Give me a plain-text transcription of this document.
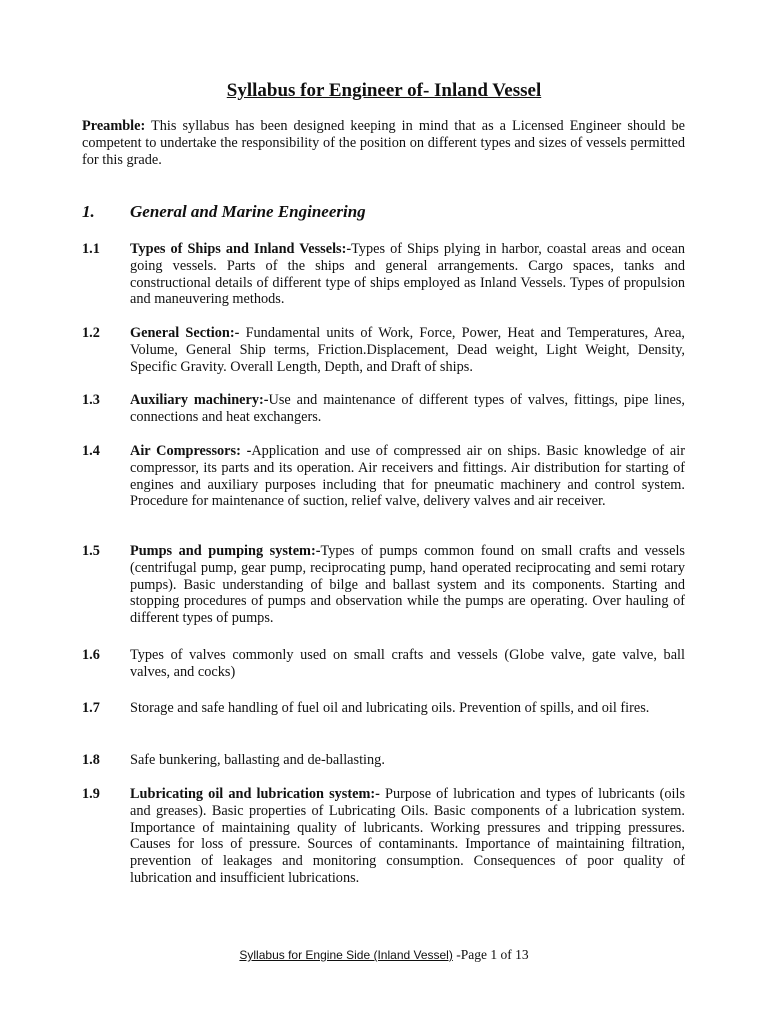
Syllabus for Engineer of- Inland Vessel

Preamble: This syllabus has been designed keeping in mind that as a Licensed Engineer should be competent to undertake the responsibility of the position on different types and sizes of vessels permitted for this grade.

1. General and Marine Engineering
1.1	Types of Ships and Inland Vessels:-Types of Ships plying in harbor, coastal areas and ocean going vessels. Parts of the ships and general arrangements. Cargo spaces, tanks and constructional details of different type of ships employed as Inland Vessels. Types of propulsion and maneuvering methods.
1.2	General Section:- Fundamental units of Work, Force, Power, Heat and Temperatures, Area, Volume, General Ship terms, Friction.Displacement, Dead weight, Light Weight, Density, Specific Gravity. Overall Length, Depth, and Draft of ships.
1.3	Auxiliary machinery:-Use and maintenance of different types of valves, fittings, pipe lines, connections and heat exchangers.
1.4	Air Compressors: -Application and use of compressed air on ships. Basic knowledge of air compressor, its parts and its operation. Air receivers and fittings. Air distribution for starting of engines and auxiliary purposes including that for pneumatic machinery and control system. Procedure for maintenance of suction, relief valve, delivery valves and air receiver.
1.5	Pumps and pumping system:-Types of pumps common found on small crafts and vessels (centrifugal pump, gear pump, reciprocating pump, hand operated reciprocating and semi rotary pumps). Basic understanding of bilge and ballast system and its components. Starting and stopping procedures of pumps and observation while the pumps are operating. Over hauling of different types of pumps.
1.6	Types of valves commonly used on small crafts and vessels (Globe valve, gate valve, ball valves, and cocks)
1.7	Storage and safe handling of fuel oil and lubricating oils. Prevention of spills, and oil fires.
1.8	Safe bunkering, ballasting and de-ballasting.
1.9	Lubricating oil and lubrication system:- Purpose of lubrication and types of lubricants (oils and greases). Basic properties of Lubricating Oils. Basic components of a lubrication system. Importance of maintaining quality of lubricants. Working pressures and tripping pressures. Causes for loss of pressure. Sources of contaminants. Importance of maintaining filtration, prevention of leakages and monitoring consumption. Consequences of poor quality of lubrication and insufficient lubrications.
Syllabus for Engine Side (Inland Vessel) -Page 1 of 13
